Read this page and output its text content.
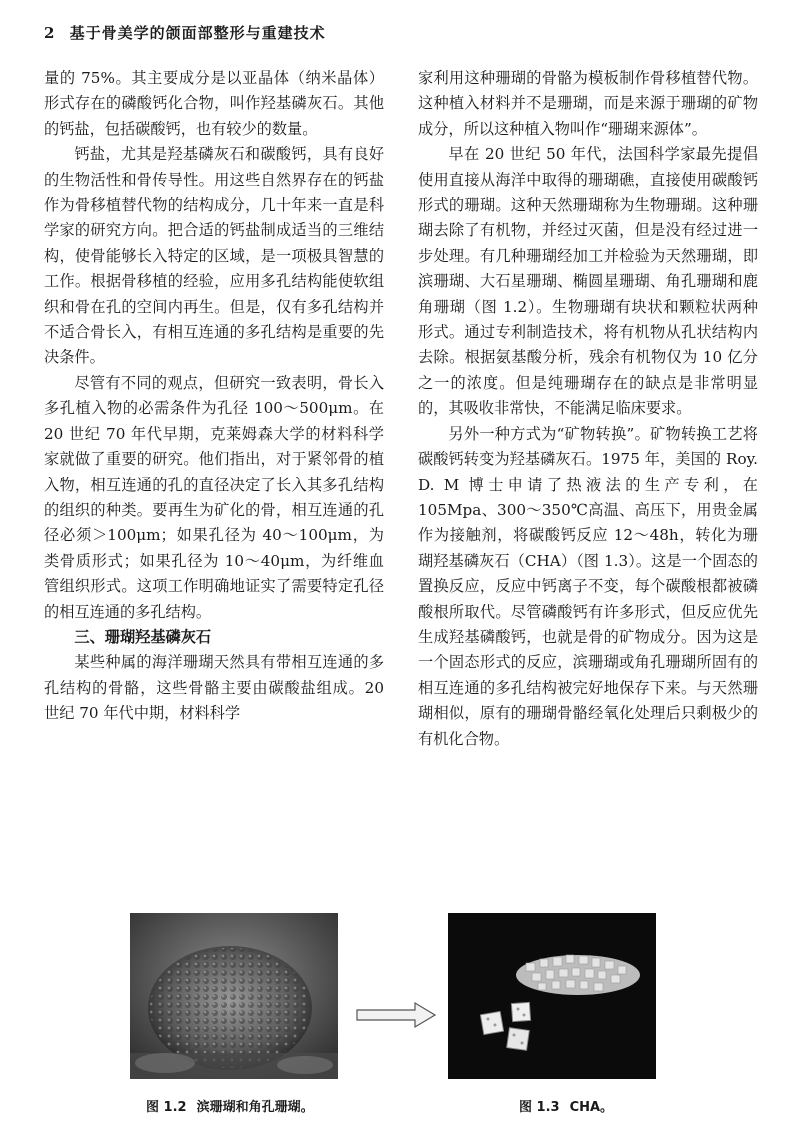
2 基于骨美学的颌面部整形与重建技术

量的 75%。其主要成分是以亚晶体（纳米晶体）形式存在的磷酸钙化合物，叫作羟基磷灰石。其他的钙盐，包括碳酸钙，也有较少的数量。

钙盐，尤其是羟基磷灰石和碳酸钙，具有良好的生物活性和骨传导性。用这些自然界存在的钙盐作为骨移植替代物的结构成分，几十年来一直是科学家的研究方向。把合适的钙盐制成适当的三维结构，使骨能够长入特定的区域，是一项极具智慧的工作。根据骨移植的经验，应用多孔结构能使软组织和骨在孔的空间内再生。但是，仅有多孔结构并不适合骨长入，有相互连通的多孔结构是重要的先决条件。

尽管有不同的观点，但研究一致表明，骨长入多孔植入物的必需条件为孔径 100～500μm。在 20 世纪 70 年代早期，克莱姆森大学的材料科学家就做了重要的研究。他们指出，对于紧邻骨的植入物，相互连通的孔的直径决定了长入其多孔结构的组织的种类。要再生为矿化的骨，相互连通的孔径必须＞100μm；如果孔径为 40～100μm，为类骨质形式；如果孔径为 10～40μm，为纤维血管组织形式。这项工作明确地证实了需要特定孔径的相互连通的多孔结构。

三、珊瑚羟基磷灰石

某些种属的海洋珊瑚天然具有带相互连通的多孔结构的骨骼，这些骨骼主要由碳酸盐组成。20 世纪 70 年代中期，材料科学

家利用这种珊瑚的骨骼为模板制作骨移植替代物。这种植入材料并不是珊瑚，而是来源于珊瑚的矿物成分，所以这种植入物叫作“珊瑚来源体”。

早在 20 世纪 50 年代，法国科学家最先提倡使用直接从海洋中取得的珊瑚礁，直接使用碳酸钙形式的珊瑚。这种天然珊瑚称为生物珊瑚。这种珊瑚去除了有机物，并经过灭菌，但是没有经过进一步处理。有几种珊瑚经加工并检验为天然珊瑚，即滨珊瑚、大石星珊瑚、椭圆星珊瑚、角孔珊瑚和鹿角珊瑚（图 1.2）。生物珊瑚有块状和颗粒状两种形式。通过专利制造技术，将有机物从孔状结构内去除。根据氨基酸分析，残余有机物仅为 10 亿分之一的浓度。但是纯珊瑚存在的缺点是非常明显的，其吸收非常快，不能满足临床要求。

另外一种方式为“矿物转换”。矿物转换工艺将碳酸钙转变为羟基磷灰石。1975 年，美国的 Roy. D. M 博士申请了热液法的生产专利，在 105Mpa、300～350℃高温、高压下，用贵金属作为接触剂，将碳酸钙反应 12～48h，转化为珊瑚羟基磷灰石（CHA）（图 1.3）。这是一个固态的置换反应，反应中钙离子不变，每个碳酸根都被磷酸根所取代。尽管磷酸钙有许多形式，但反应优先生成羟基磷酸钙，也就是骨的矿物成分。因为这是一个固态形式的反应，滨珊瑚或角孔珊瑚所固有的相互连通的多孔结构被完好地保存下来。与天然珊瑚相似，原有的珊瑚骨骼经氧化处理后只剩极少的有机化合物。

图 1.2 滨珊瑚和角孔珊瑚。	图 1.3 CHA。
